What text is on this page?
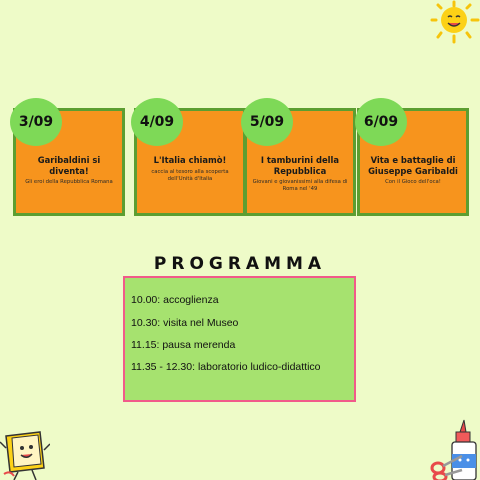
Garibaldini si diventa!
Gli eroi della Repubblica Romana
L'Italia chiamò!
caccia al tesoro alla scoperta dell'Unità d'Italia
I tamburini della Repubblica
Giovani e giovanissimi alla difesa di Roma nel '49
Vita e battaglie di Giuseppe Garibaldi
Con il Gioco dell'oca!
3/09	4/09	5/09	6/09
PROGRAMMA
10.00: accoglienza
10.30: visita nel Museo
11.15: pausa merenda
11.35 - 12.30: laboratorio ludico-didattico
